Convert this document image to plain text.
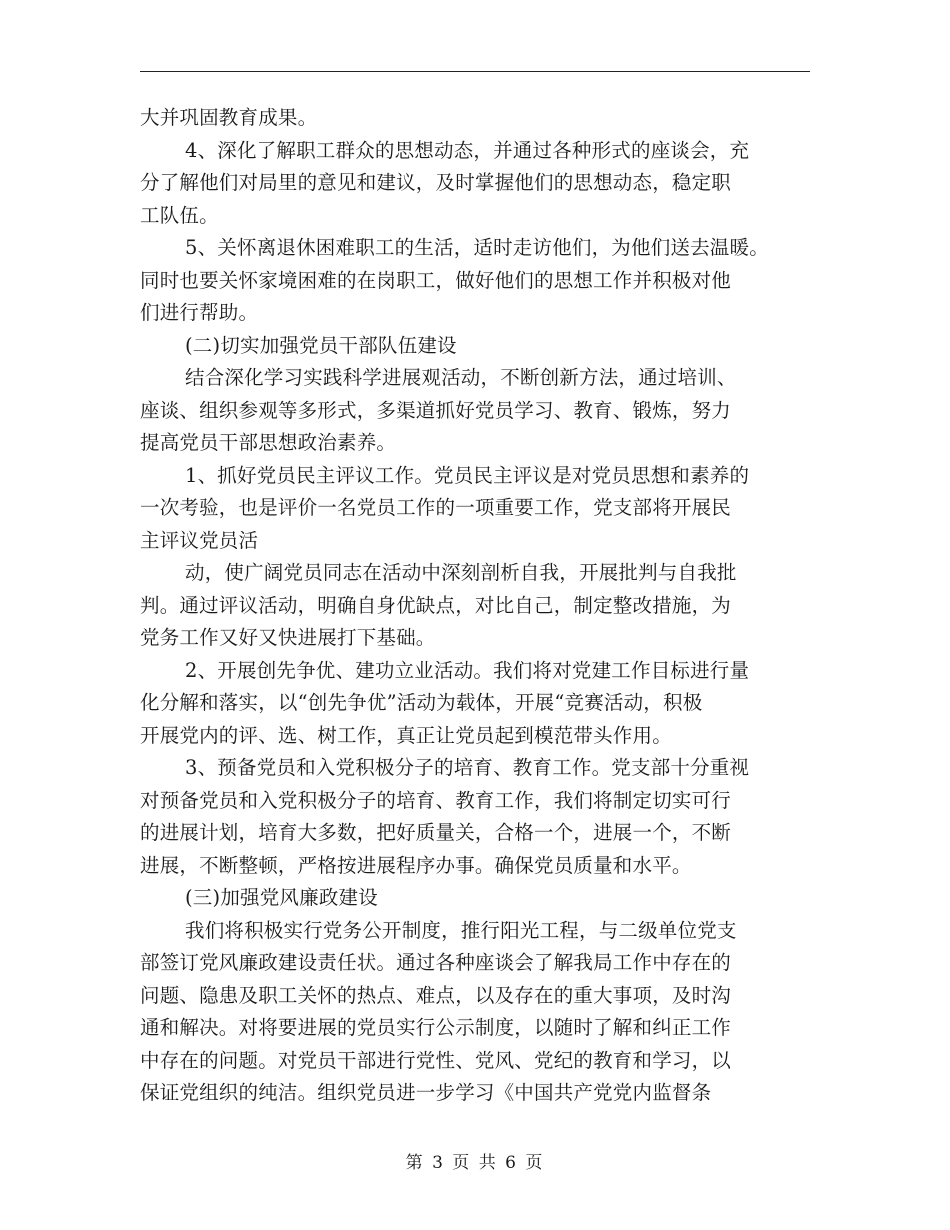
大并巩固教育成果。
4、深化了解职工群众的思想动态，并通过各种形式的座谈会，充
分了解他们对局里的意见和建议，及时掌握他们的思想动态，稳定职
工队伍。
5、关怀离退休困难职工的生活，适时走访他们，为他们送去温暖。
同时也要关怀家境困难的在岗职工，做好他们的思想工作并积极对他
们进行帮助。
(二)切实加强党员干部队伍建设
结合深化学习实践科学进展观活动，不断创新方法，通过培训、
座谈、组织参观等多形式，多渠道抓好党员学习、教育、锻炼，努力
提高党员干部思想政治素养。
1、抓好党员民主评议工作。党员民主评议是对党员思想和素养的
一次考验，也是评价一名党员工作的一项重要工作，党支部将开展民
主评议党员活
动，使广阔党员同志在活动中深刻剖析自我，开展批判与自我批
判。通过评议活动，明确自身优缺点，对比自己，制定整改措施，为
党务工作又好又快进展打下基础。
2、开展创先争优、建功立业活动。我们将对党建工作目标进行量
化分解和落实，以“创先争优”活动为载体，开展“竞赛活动，积极
开展党内的评、选、树工作，真正让党员起到模范带头作用。
3、预备党员和入党积极分子的培育、教育工作。党支部十分重视
对预备党员和入党积极分子的培育、教育工作，我们将制定切实可行
的进展计划，培育大多数，把好质量关，合格一个，进展一个，不断
进展，不断整顿，严格按进展程序办事。确保党员质量和水平。
(三)加强党风廉政建设
我们将积极实行党务公开制度，推行阳光工程，与二级单位党支
部签订党风廉政建设责任状。通过各种座谈会了解我局工作中存在的
问题、隐患及职工关怀的热点、难点，以及存在的重大事项，及时沟
通和解决。对将要进展的党员实行公示制度，以随时了解和纠正工作
中存在的问题。对党员干部进行党性、党风、党纪的教育和学习，以
保证党组织的纯洁。组织党员进一步学习《中国共产党党内监督条
第 3 页 共 6 页
